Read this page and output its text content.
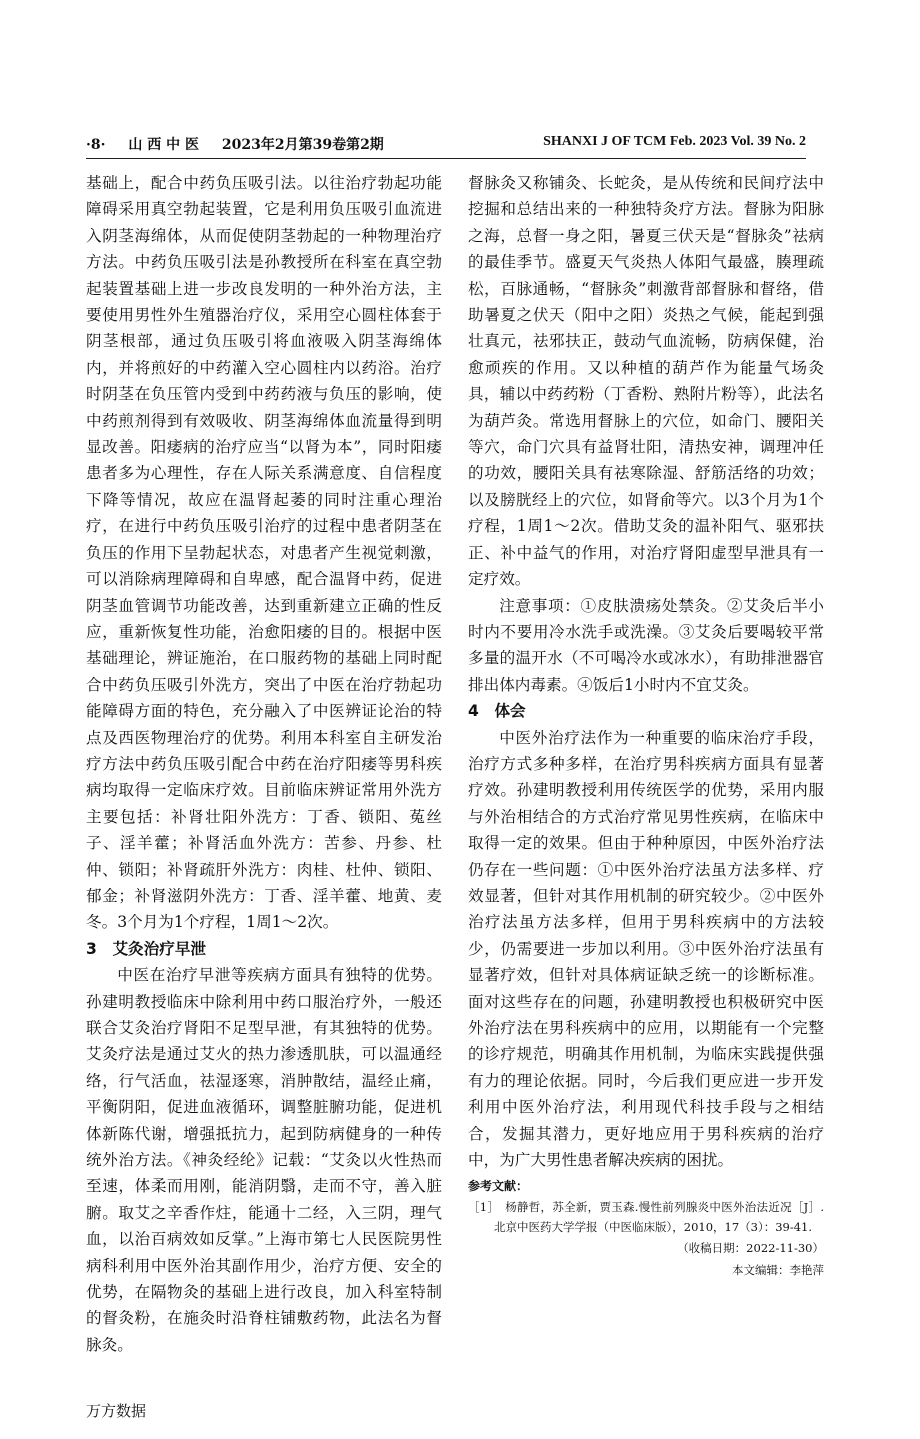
·8· 山 西 中 医 2023年2月第39卷第2期	SHANXI J OF TCM Feb. 2023 Vol. 39 No. 2

基础上，配合中药负压吸引法。以往治疗勃起功能障碍采用真空勃起装置，它是利用负压吸引血流进入阴茎海绵体，从而促使阴茎勃起的一种物理治疗方法。中药负压吸引法是孙教授所在科室在真空勃起装置基础上进一步改良发明的一种外治方法，主要使用男性外生殖器治疗仪，采用空心圆柱体套于阴茎根部，通过负压吸引将血液吸入阴茎海绵体内，并将煎好的中药灌入空心圆柱内以药浴。治疗时阴茎在负压管内受到中药药液与负压的影响，使中药煎剂得到有效吸收、阴茎海绵体血流量得到明显改善。阳痿病的治疗应当“以肾为本”，同时阳痿患者多为心理性，存在人际关系满意度、自信程度下降等情况，故应在温肾起萎的同时注重心理治疗，在进行中药负压吸引治疗的过程中患者阴茎在负压的作用下呈勃起状态，对患者产生视觉刺激，可以消除病理障碍和自卑感，配合温肾中药，促进阴茎血管调节功能改善，达到重新建立正确的性反应，重新恢复性功能，治愈阳痿的目的。根据中医基础理论，辨证施治，在口服药物的基础上同时配合中药负压吸引外洗方，突出了中医在治疗勃起功能障碍方面的特色，充分融入了中医辨证论治的特点及西医物理治疗的优势。利用本科室自主研发治疗方法中药负压吸引配合中药在治疗阳痿等男科疾病均取得一定临床疗效。目前临床辨证常用外洗方主要包括：补肾壮阳外洗方：丁香、锁阳、菟丝子、淫羊藿；补肾活血外洗方：苦参、丹参、杜仲、锁阳；补肾疏肝外洗方：肉桂、杜仲、锁阳、郁金；补肾滋阴外洗方：丁香、淫羊藿、地黄、麦冬。3个月为1个疗程，1周1～2次。

3　艾灸治疗早泄

中医在治疗早泄等疾病方面具有独特的优势。孙建明教授临床中除利用中药口服治疗外，一般还联合艾灸治疗肾阳不足型早泄，有其独特的优势。艾灸疗法是通过艾火的热力渗透肌肤，可以温通经络，行气活血，祛湿逐寒，消肿散结，温经止痛，平衡阴阳，促进血液循环，调整脏腑功能，促进机体新陈代谢，增强抵抗力，起到防病健身的一种传统外治方法。《神灸经纶》记载：“艾灸以火性热而至速，体柔而用刚，能消阴翳，走而不守，善入脏腑。取艾之辛香作炷，能通十二经，入三阴，理气血，以治百病效如反掌。”上海市第七人民医院男性病科利用中医外治其副作用少，治疗方便、安全的优势，在隔物灸的基础上进行改良，加入科室特制的督灸粉，在施灸时沿脊柱铺敷药物，此法名为督脉灸。

督脉灸又称铺灸、长蛇灸，是从传统和民间疗法中挖掘和总结出来的一种独特灸疗方法。督脉为阳脉之海，总督一身之阳，暑夏三伏天是“督脉灸”祛病的最佳季节。盛夏天气炎热人体阳气最盛，腠理疏松，百脉通畅，“督脉灸”刺激背部督脉和督络，借助暑夏之伏天（阳中之阳）炎热之气候，能起到强壮真元，祛邪扶正，鼓动气血流畅，防病保健，治愈顽疾的作用。又以种植的葫芦作为能量气场灸具，辅以中药药粉（丁香粉、熟附片粉等），此法名为葫芦灸。常选用督脉上的穴位，如命门、腰阳关等穴，命门穴具有益肾壮阳，清热安神，调理冲任的功效，腰阳关具有祛寒除湿、舒筋活络的功效；以及膀胱经上的穴位，如肾俞等穴。以3个月为1个疗程，1周1～2次。借助艾灸的温补阳气、驱邪扶正、补中益气的作用，对治疗肾阳虚型早泄具有一定疗效。

注意事项：①皮肤溃疡处禁灸。②艾灸后半小时内不要用冷水洗手或洗澡。③艾灸后要喝较平常多量的温开水（不可喝冷水或冰水），有助排泄器官排出体内毒素。④饭后1小时内不宜艾灸。

4　体会

中医外治疗法作为一种重要的临床治疗手段，治疗方式多种多样，在治疗男科疾病方面具有显著疗效。孙建明教授利用传统医学的优势，采用内服与外治相结合的方式治疗常见男性疾病，在临床中取得一定的效果。但由于种种原因，中医外治疗法仍存在一些问题：①中医外治疗法虽方法多样、疗效显著，但针对其作用机制的研究较少。②中医外治疗法虽方法多样，但用于男科疾病中的方法较少，仍需要进一步加以利用。③中医外治疗法虽有显著疗效，但针对具体病证缺乏统一的诊断标准。面对这些存在的问题，孙建明教授也积极研究中医外治疗法在男科疾病中的应用，以期能有一个完整的诊疗规范，明确其作用机制，为临床实践提供强有力的理论依据。同时，今后我们更应进一步开发利用中医外治疗法，利用现代科技手段与之相结合，发掘其潜力，更好地应用于男科疾病的治疗中，为广大男性患者解决疾病的困扰。

参考文献：
［1］　杨静哲，苏全新，贾玉森.慢性前列腺炎中医外治法近况［J］.北京中医药大学学报（中医临床版），2010，17（3）：39-41.
（收稿日期：2022-11-30）
本文编辑：李艳萍
万方数据
